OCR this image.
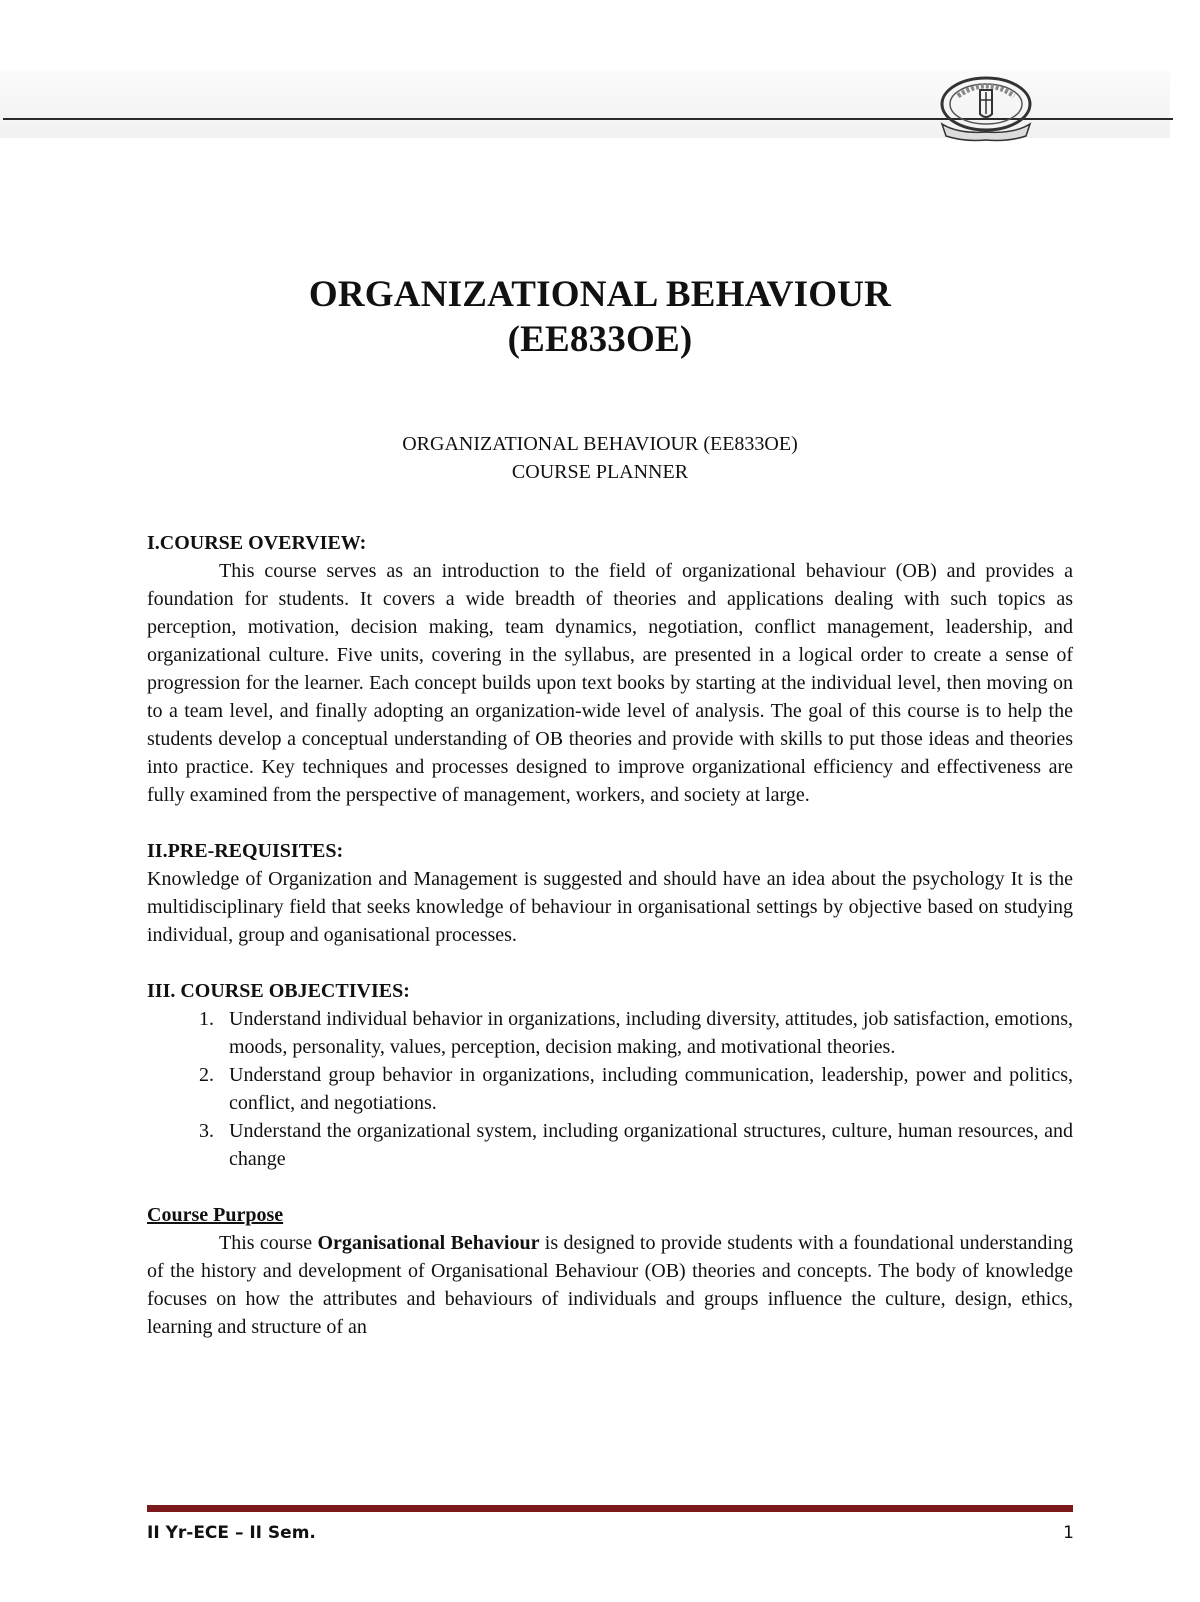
ORGANIZATIONAL BEHAVIOUR
(EE833OE)
ORGANIZATIONAL BEHAVIOUR (EE833OE)
COURSE PLANNER

I.COURSE OVERVIEW:

This course serves as an introduction to the field of organizational behaviour (OB) and provides a foundation for students. It covers a wide breadth of theories and applications dealing with such topics as perception, motivation, decision making, team dynamics, negotiation, conflict management, leadership, and organizational culture. Five units, covering in the syllabus, are presented in a logical order to create a sense of progression for the learner. Each concept builds upon text books by starting at the individual level, then moving on to a team level, and finally adopting an organization-wide level of analysis. The goal of this course is to help the students develop a conceptual understanding of OB theories and provide with skills to put those ideas and theories into practice. Key techniques and processes designed to improve organizational efficiency and effectiveness are fully examined from the perspective of management, workers, and society at large.

II.PRE-REQUISITES:

Knowledge of Organization and Management is suggested and should have an idea about the psychology It is the multidisciplinary field that seeks knowledge of behaviour in organisational settings by objective based on studying individual, group and oganisational processes.

III. COURSE OBJECTIVIES:

1. Understand individual behavior in organizations, including diversity, attitudes, job satisfaction, emotions, moods, personality, values, perception, decision making, and motivational theories.
2. Understand group behavior in organizations, including communication, leadership, power and politics, conflict, and negotiations.
3. Understand the organizational system, including organizational structures, culture, human resources, and change

Course Purpose

This course Organisational Behaviour is designed to provide students with a foundational understanding of the history and development of Organisational Behaviour (OB) theories and concepts. The body of knowledge focuses on how the attributes and behaviours of individuals and groups influence the culture, design, ethics, learning and structure of an

II Yr-ECE – II Sem.	1
